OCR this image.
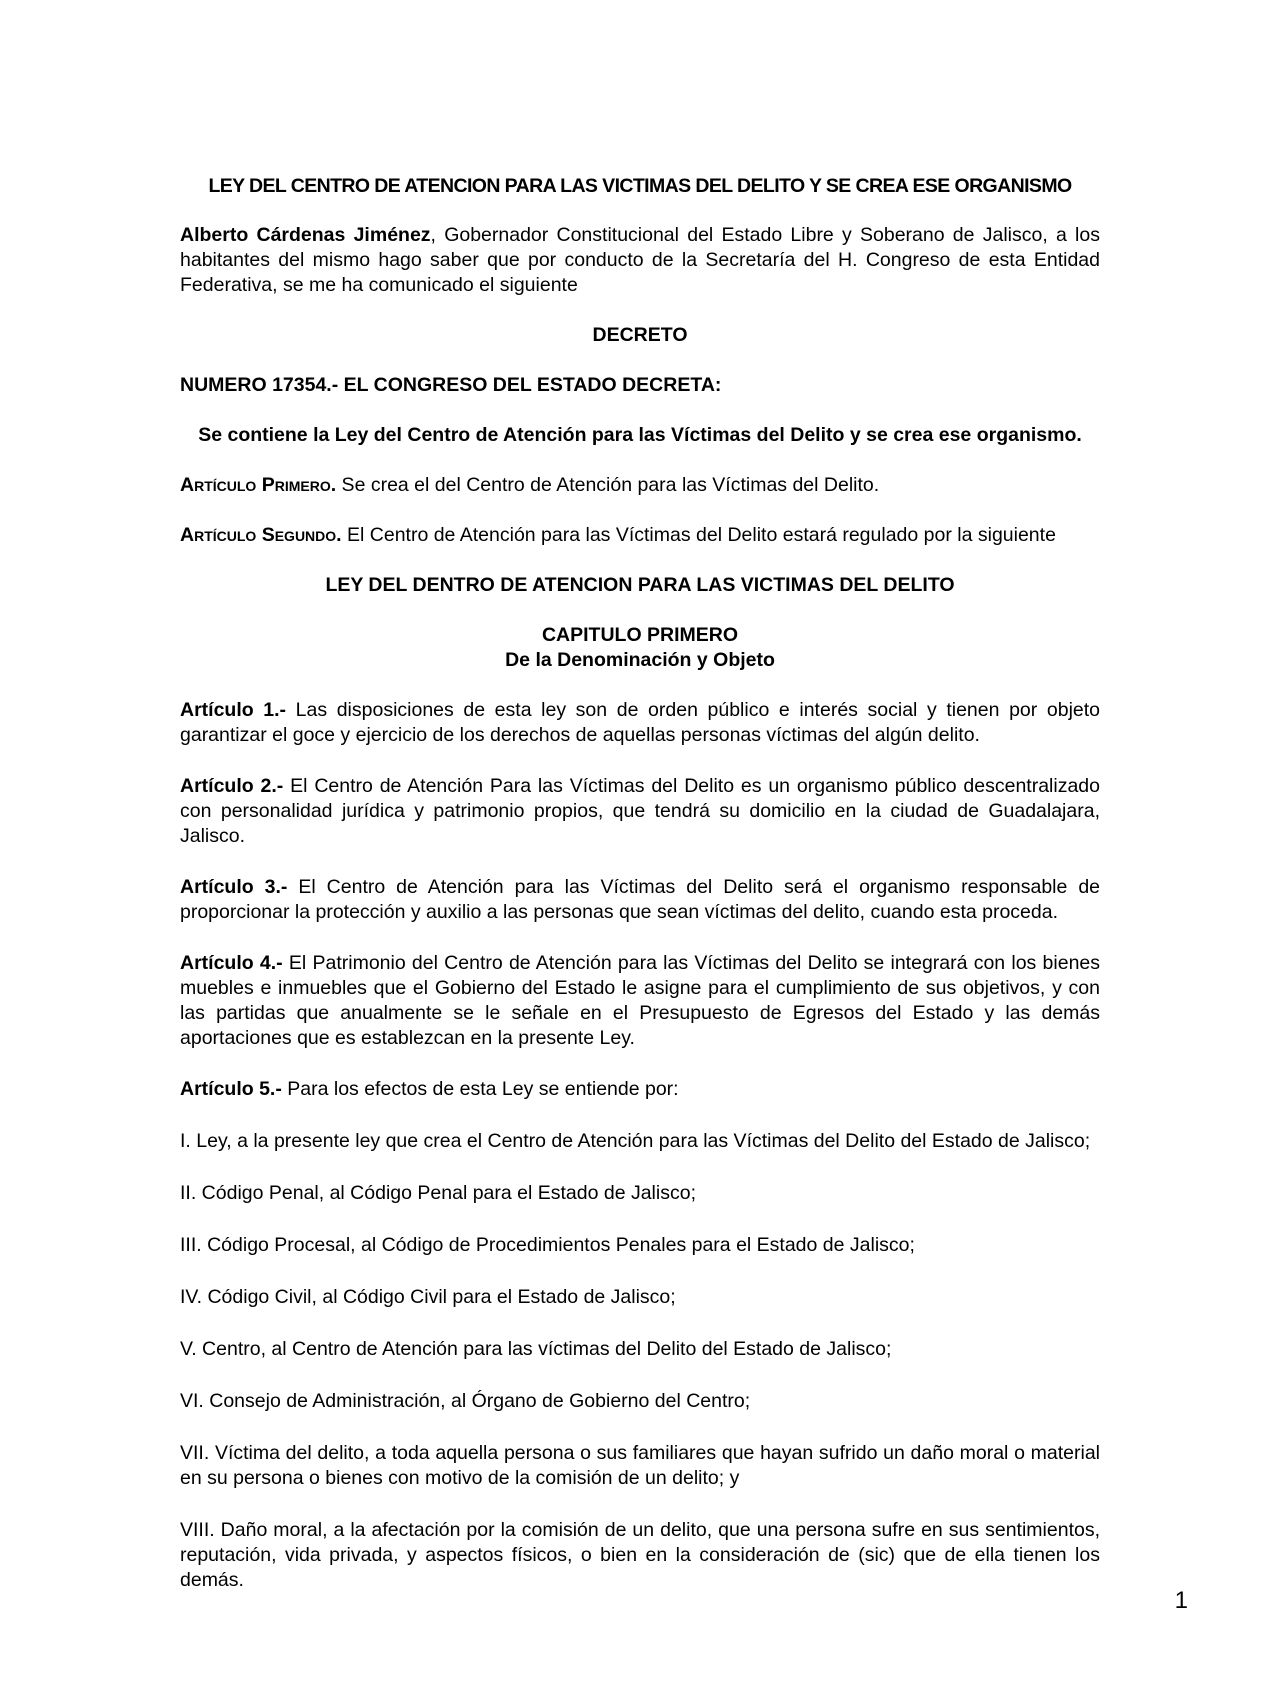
LEY DEL CENTRO DE ATENCION PARA LAS VICTIMAS DEL DELITO Y SE CREA ESE ORGANISMO

Alberto Cárdenas Jiménez, Gobernador Constitucional del Estado Libre y Soberano de Jalisco, a los habitantes del mismo hago saber que por conducto de la Secretaría del H. Congreso de esta Entidad Federativa, se me ha comunicado el siguiente

DECRETO

NUMERO 17354.- EL CONGRESO DEL ESTADO DECRETA:

Se contiene la Ley del Centro de Atención para las Víctimas del Delito y se crea ese organismo.

Artículo Primero. Se crea el del Centro de Atención para las Víctimas del Delito.

Artículo Segundo. El Centro de Atención para las Víctimas del Delito estará regulado por la siguiente

LEY DEL DENTRO DE ATENCION PARA LAS VICTIMAS DEL DELITO

CAPITULO PRIMERO

De la Denominación y Objeto

Artículo 1.- Las disposiciones de esta ley son de orden público e interés social y tienen por objeto garantizar el goce y ejercicio de los derechos de aquellas personas víctimas del algún delito.

Artículo 2.- El Centro de Atención Para las Víctimas del Delito es un organismo público descentralizado con personalidad jurídica y patrimonio propios, que tendrá su domicilio en la ciudad de Guadalajara, Jalisco.

Artículo 3.- El Centro de Atención para las Víctimas del Delito será el organismo responsable de proporcionar la protección y auxilio a las personas que sean víctimas del delito, cuando esta proceda.

Artículo 4.- El Patrimonio del Centro de Atención para las Víctimas del Delito se integrará con los bienes muebles e inmuebles que el Gobierno del Estado le asigne para el cumplimiento de sus objetivos, y con las partidas que anualmente se le señale en el Presupuesto de Egresos del Estado y las demás aportaciones que es establezcan en la presente Ley.

Artículo 5.- Para los efectos de esta Ley se entiende por:

I. Ley, a la presente ley que crea el Centro de Atención para las Víctimas del Delito del Estado de Jalisco;

II. Código Penal, al Código Penal para el Estado de Jalisco;

III. Código Procesal, al Código de Procedimientos Penales para el Estado de Jalisco;

IV. Código Civil, al Código Civil para el Estado de Jalisco;

V. Centro, al Centro de Atención para las víctimas del Delito del Estado de Jalisco;

VI. Consejo de Administración, al Órgano de Gobierno del Centro;

VII. Víctima del delito, a toda aquella persona o sus familiares que hayan sufrido un daño moral o material en su persona o bienes con motivo de la comisión de un delito; y

VIII. Daño moral, a la afectación por la comisión de un delito, que una persona sufre en sus sentimientos, reputación, vida privada, y aspectos físicos, o bien en la consideración de (sic) que de ella tienen los demás.

1
